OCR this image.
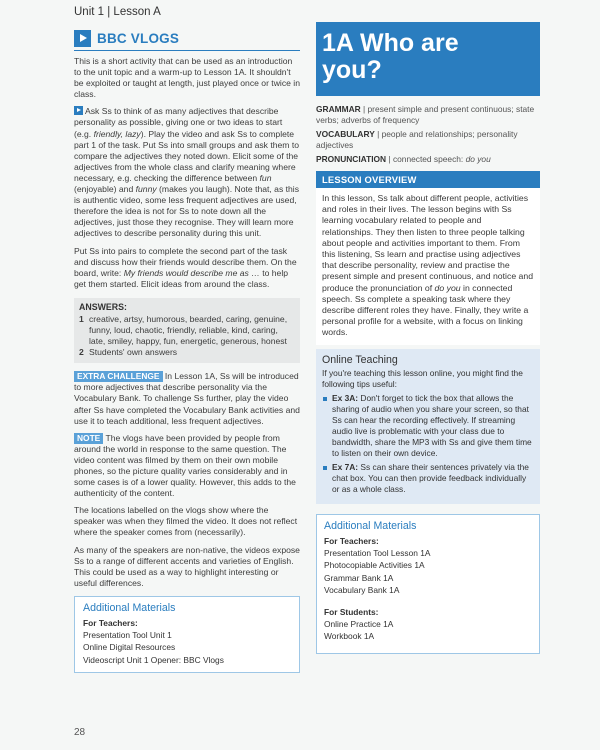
Unit 1 | Lesson A
BBC VLOGS

This is a short activity that can be used as an introduction to the unit topic and a warm-up to Lesson 1A. It shouldn't be exploited or taught at length, just played once or twice in class.

Ask Ss to think of as many adjectives that describe personality as possible, giving one or two ideas to start (e.g. friendly, lazy). Play the video and ask Ss to complete part 1 of the task. Put Ss into small groups and ask them to compare the adjectives they noted down. Elicit some of the adjectives from the whole class and clarify meaning where necessary, e.g. checking the difference between fun (enjoyable) and funny (makes you laugh). Note that, as this is authentic video, some less frequent adjectives are used, therefore the idea is not for Ss to note down all the adjectives, just those they recognise. They will learn more adjectives to describe personality during this unit.

Put Ss into pairs to complete the second part of the task and discuss how their friends would describe them. On the board, write: My friends would describe me as … to help get them started. Elicit ideas from around the class.

ANSWERS:
1 creative, artsy, humorous, bearded, caring, genuine, funny, loud, chaotic, friendly, reliable, kind, caring, late, smiley, happy, fun, energetic, generous, honest
2 Students' own answers

EXTRA CHALLENGE In Lesson 1A, Ss will be introduced to more adjectives that describe personality via the Vocabulary Bank. To challenge Ss further, play the video after Ss have completed the Vocabulary Bank activities and use it to teach additional, less frequent adjectives.

NOTE The vlogs have been provided by people from around the world in response to the same question. The video content was filmed by them on their own mobile phones, so the picture quality varies considerably and in some cases is of a lower quality. However, this adds to the authenticity of the content.

The locations labelled on the vlogs show where the speaker was when they filmed the video. It does not reflect where the speaker comes from (necessarily).

As many of the speakers are non-native, the videos expose Ss to a range of different accents and varieties of English. This could be used as a way to highlight interesting or useful differences.

Additional Materials
For Teachers:
Presentation Tool Unit 1
Online Digital Resources
Videoscript Unit 1 Opener: BBC Vlogs
28
1A Who are
you?
GRAMMAR | present simple and present continuous; state verbs; adverbs of frequency
VOCABULARY | people and relationships; personality adjectives
PRONUNCIATION | connected speech: do you
LESSON OVERVIEW
In this lesson, Ss talk about different people, activities and roles in their lives. The lesson begins with Ss learning vocabulary related to people and relationships. They then listen to three people talking about people and activities important to them. From this listening, Ss learn and practise using adjectives that describe personality, review and practise the present simple and present continuous, and notice and produce the pronunciation of do you in connected speech. Ss complete a speaking task where they describe different roles they have. Finally, they write a personal profile for a website, with a focus on linking words.
Online Teaching
If you're teaching this lesson online, you might find the following tips useful:
Ex 3A: Don't forget to tick the box that allows the sharing of audio when you share your screen, so that Ss can hear the recording effectively. If streaming audio live is problematic with your class due to bandwidth, share the MP3 with Ss and give them time to listen on their own device.
Ex 7A: Ss can share their sentences privately via the chat box. You can then provide feedback individually or as a whole class.
Additional Materials
For Teachers:
Presentation Tool Lesson 1A
Photocopiable Activities 1A
Grammar Bank 1A
Vocabulary Bank 1A
For Students:
Online Practice 1A
Workbook 1A
